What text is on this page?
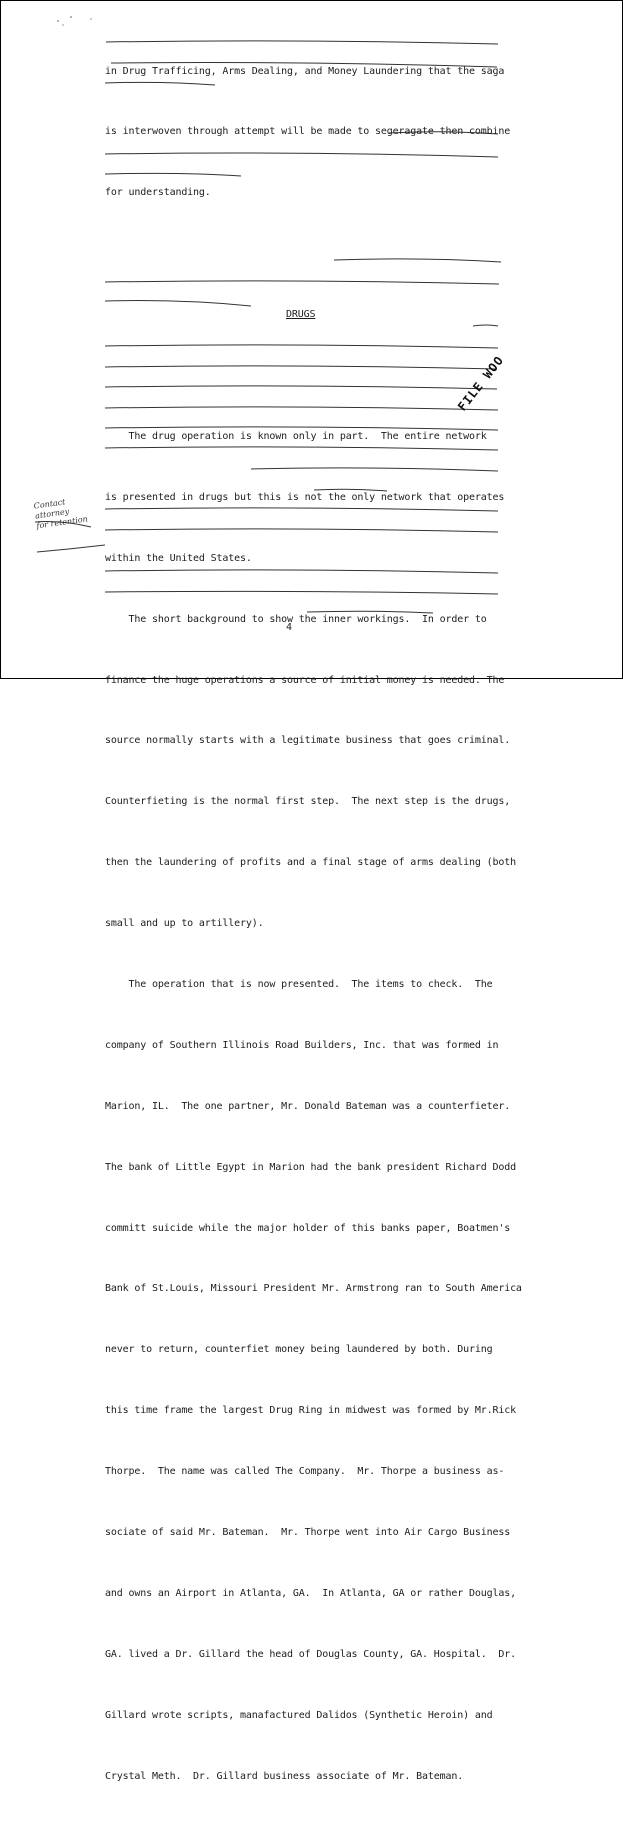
in Drug Trafficing, Arms Dealing, and Money Laundering that the saga

is interwoven through attempt will be made to segeragate then combine

for understanding.

DRUGS

The drug operation is known only in part.  The entire network

is presented in drugs but this is not the only network that operates

within the United States.

The short background to show the inner workings.  In order to

finance the huge operations a source of initial money is needed. The

source normally starts with a legitimate business that goes criminal.

Counterfieting is the normal first step.  The next step is the drugs,

then the laundering of profits and a final stage of arms dealing (both

small and up to artillery).

The operation that is now presented.  The items to check.  The

company of Southern Illinois Road Builders, Inc. that was formed in

Marion, IL.  The one partner, Mr. Donald Bateman was a counterfieter.

The bank of Little Egypt in Marion had the bank president Richard Dodd

committ suicide while the major holder of this banks paper, Boatmen's

Bank of St.Louis, Missouri President Mr. Armstrong ran to South America

never to return, counterfiet money being laundered by both. During

this time frame the largest Drug Ring in midwest was formed by Mr.Rick

Thorpe.  The name was called The Company.  Mr. Thorpe a business as-

sociate of said Mr. Bateman.  Mr. Thorpe went into Air Cargo Business

and owns an Airport in Atlanta, GA.  In Atlanta, GA or rather Douglas,

GA. lived a Dr. Gillard the head of Douglas County, GA. Hospital.  Dr.

Gillard wrote scripts, manafactured Dalidos (Synthetic Heroin) and

Crystal Meth.  Dr. Gillard business associate of Mr. Bateman.

FILE WOO
Contact
attorney
for retention
4
